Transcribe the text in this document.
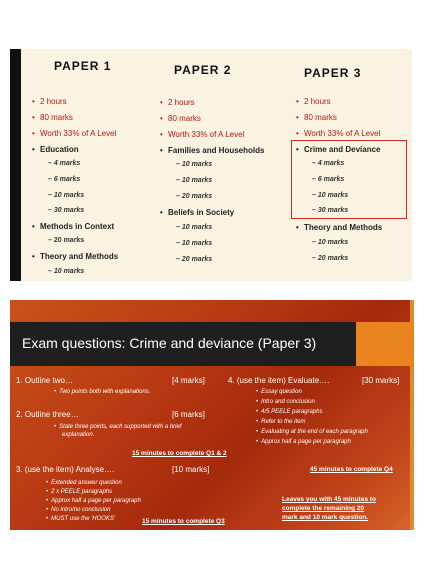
PAPER 1
• 2 hours
• 80 marks
• Worth 33% of A Level
• Education
– 4 marks
– 6 marks
– 10 marks
– 30 marks
• Methods in Context
– 20 marks
• Theory and Methods
– 10 marks
PAPER 2
• 2 hours
• 80 marks
• Worth 33% of A Level
• Families and Households
– 10 marks
– 10 marks
– 20 marks
• Beliefs in Society
– 10 marks
– 10 marks
– 20 marks
PAPER 3
• 2 hours
• 80 marks
• Worth 33% of A Level
• Crime and Deviance
– 4 marks
– 6 marks
– 10 marks
– 30 marks
• Theory and Methods
– 10 marks
– 20 marks
Exam questions: Crime and deviance (Paper 3)
1. Outline two…	[4 marks]
• Two points both with explanations.
2. Outline three…	[6 marks]
• State three points, each supported with a brief
explanation.
15 minutes to complete Q1 & 2
3. (use the item) Analyse….	[10 marks]
• Extended answer question
• 2 x PEELE paragraphs
• Approx half a page per paragraph
• No intro/no conclusion
• MUST use the 'HOOKS'	15 minutes to complete Q3
4. (use the item) Evaluate….	[30 marks]
• Essay question
• Intro and conclusion
• 4/5 PEELE paragraphs
• Refer to the item
• Evaluating at the end of each paragraph
• Approx half a page per paragraph
45 minutes to complete Q4
Leaves you with 45 minutes to
complete the remaining 20
mark and 10 mark question.
